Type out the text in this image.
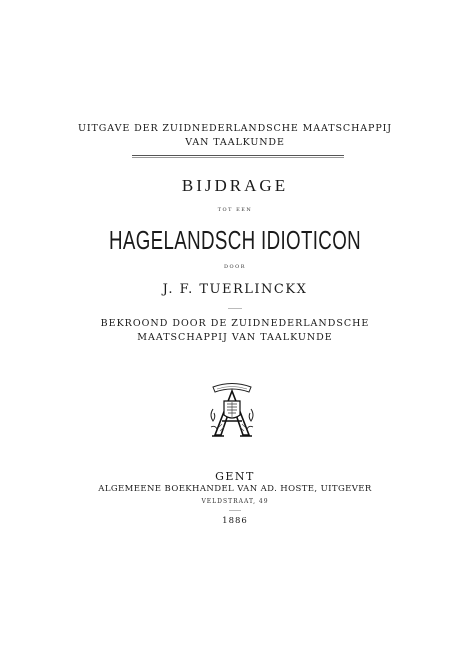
UITGAVE DER ZUIDNEDERLANDSCHE MAATSCHAPPIJ
VAN TAALKUNDE
BIJDRAGE
TOT EEN
HAGELANDSCH IDIOTICON
DOOR
J. F. TUERLINCKX
BEKROOND DOOR DE ZUIDNEDERLANDSCHE
MAATSCHAPPIJ VAN TAALKUNDE
GENT
ALGEMEENE BOEKHANDEL VAN AD. HOSTE, UITGEVER
VELDSTRAAT, 49
1886
